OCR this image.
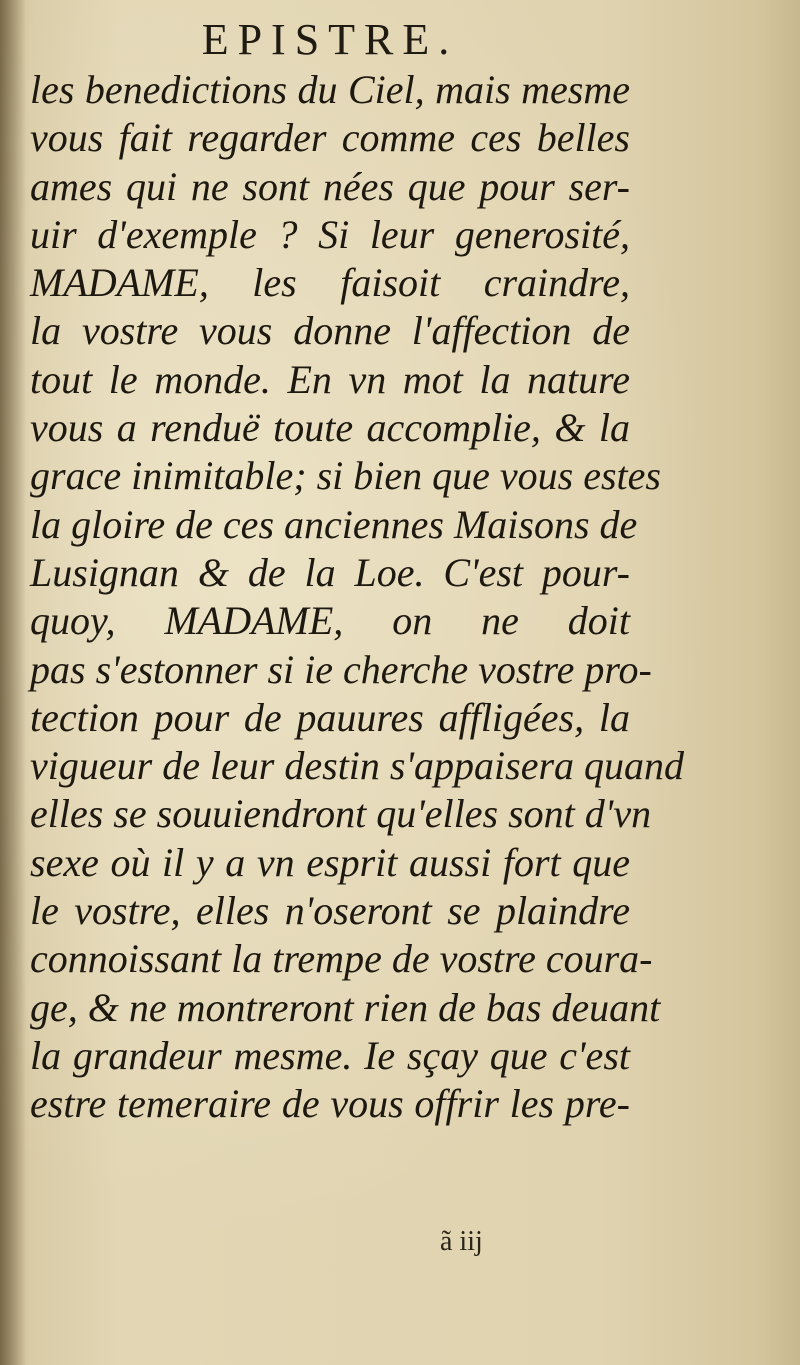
EPISTRE.
les benedictions du Ciel, mais mesme
vous fait regarder comme ces belles
ames qui ne sont nées que pour ser-
uir d'exemple ? Si leur generosité,
MADAME, les faisoit craindre,
la vostre vous donne l'affection de
tout le monde. En vn mot la nature
vous a renduë toute accomplie, & la
grace inimitable; si bien que vous estes
la gloire de ces anciennes Maisons de
Lusignan & de la Loe. C'est pour-
quoy, MADAME, on ne doit
pas s'estonner si ie cherche vostre pro-
tection pour de pauures affligées, la
vigueur de leur destin s'appaisera quand
elles se souuiendront qu'elles sont d'vn
sexe où il y a vn esprit aussi fort que
le vostre, elles n'oseront se plaindre
connoissant la trempe de vostre coura-
ge, & ne montreront rien de bas deuant
la grandeur mesme. Ie sçay que c'est
estre temeraire de vous offrir les pre-
ã iij
